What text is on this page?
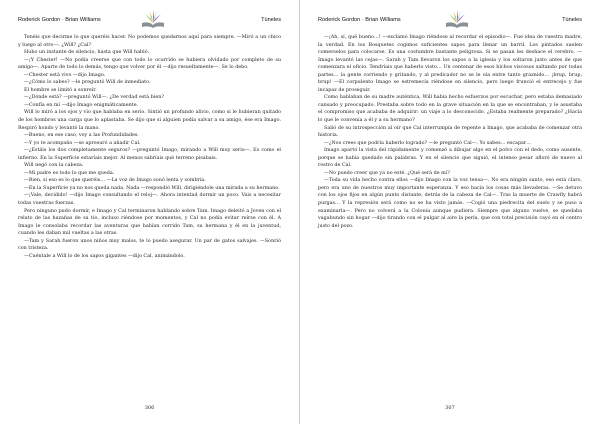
Roderick Gordon · Brian Williams	Túneles

Tenéis que decirme lo que queréis hacer. No podemos quedarnos aquí para siempre. —Miró a un chico y luego al otro—. ¿Will? ¿Cal?

Hubo un instante de silencio, hasta que Will habló.

—¡Y Chester! —No podía creerse que con todo lo ocurrido se hubiera olvidado por completo de su amigo—. Aparte de todo lo demás, tengo que volver por él —dijo resueltamente—. Se lo debo.

—Chester está vivo —dijo Imago.

—¿Cómo lo sabes? —le preguntó Will de inmediato.

El hombre se limitó a sonreír.

—¿Dónde está? —preguntó Will—. ¿De verdad está bien?

—Confía en mí —dijo Imago enigmáticamente.

Will lo miró a los ojos y vio que hablaba en serio. Sintió un profundo alivio, como si le hubieran quitado de los hombros una carga que lo aplastaba. Se dijo que si alguien podía salvar a su amigo, ése era Imago. Respiró hondo y levantó la mano.

—Bueno, en ese caso, voy a las Profundidades.

—Y yo te acompaño —se apresuró a añadir Cal.

—¿Estáis los dos completamente seguros? —preguntó Imago, mirando a Will muy serio—. Es como el infierno. En la Superficie estaríais mejor. Al menos sabríais qué terreno pisabais.

Will negó con la cabeza.

—Mi padre es todo lo que me queda.

—Bien, si eso es lo que queréis… —La voz de Imago sonó lenta y sombría.

—En la Superficie ya no nos queda nada. Nada —respondió Will, dirigiéndole una mirada a su hermano.

—¡Vale, decidido! —dijo Imago consultando el reloj—. Ahora intentad dormir un poco. Vais a necesitar todas vuestras fuerzas.

Pero ninguno pudo dormir, e Imago y Cal terminaron hablando sobre Tam. Imago deleitó a Joven con el relato de las hazañas de su tío, incluso riéndose por momentos, y Cal no podía evitar reírse con él. A Imago le consolaba recordar las aventuras que habían corrido Tam, su hermana y él en la juventud, cuando les daban mil vueltas a las otras.

—Tam y Sarah fueron unos niños muy malos, te lo puedo asegurar. Un par de gatos salvajes. —Sonrió con tristeza.

—Cuéntale a Will lo de los sapos gigantes —dijo Cal, animándolo.

306
Roderick Gordon · Brian Williams	Túneles

—¡Ah, sí, qué bueno…! —exclamó Imago riéndose al recordar el episodio—. Fue idea de vuestra madre, la verdad. En los Bosquetes cogimos suficientes sapos para llenar un barril. Los pintados suelen comerselos para colocarse. Es una costumbre bastante peligrosa. Si se pasan les deshace el cerebro. —Imago levantó las cejas—. Sarah y Tam llevaron los sapos a la iglesia y los soltaron justo antes de que comenzara el oficio. Tendríais que haberlo visto… Un centenar de esos bichos viscosos saltando por todas partes… la gente corriendo y gritando, y al predicador no se le oía entre tanto graznido… ¡brup, brup, brup! —El corpulento Imago se estremecía riéndose en silencio, pero luego frunció el entrecejo y fue incapaz de proseguir.

Como hablaban de su madre auténtica, Will había hecho esfuerzos por escuchar, pero estaba demasiado cansado y preocupado. Prestaba sobre todo en la grave situación en la que se encontraban, y le asustaba el compromiso que acababa de adquirir: un viaje a lo desconocido. ¿Estaba realmente preparado? ¿Hacía lo que le convenía a él y a su hermano?

Salió de su introspección al oír que Cal interrumpía de repente a Imago, que acababa de comenzar otra historia.

—¿Nos crees que podría haberlo logrado? —le preguntó Cal—. Yo sabes… escapar…

Imago apartó la vista del rápidamente y comenzó a dibujar algo en el polvo con el dedo, como ausente, porque se había quedado sin palabras. Y en el silencio que siguió, el intenso pesar afloró de nuevo al rostro de Cal.

—No puedo creer que ya no esté. ¿Qué será de mí?

—Toda su vida hecho contra ellos —dijo Imago con la voz tensa—. No era ningún santo, eso está claro, pero era uno de nuestros muy importante esperanza. Y eso hacía los cosas más llevaderas. —Se detuvo con los ojos fijos en algún punto distante, detrás de la cabeza de Cal—. Tras la muerte de Crawfly habrá purgas… Y la represión será como no se ha visto jamás. —Cogió una piedrecita del suelo y se puso a examinarla—. Pero no volverá a la Colonia aunque pudiera. Siempre que alguno vuelve, se quedaba vagabundo sin hogar —dijo tirando con el pulgar al aire la perla, que con total precisión cayó en el centro justo del pozo.

307
